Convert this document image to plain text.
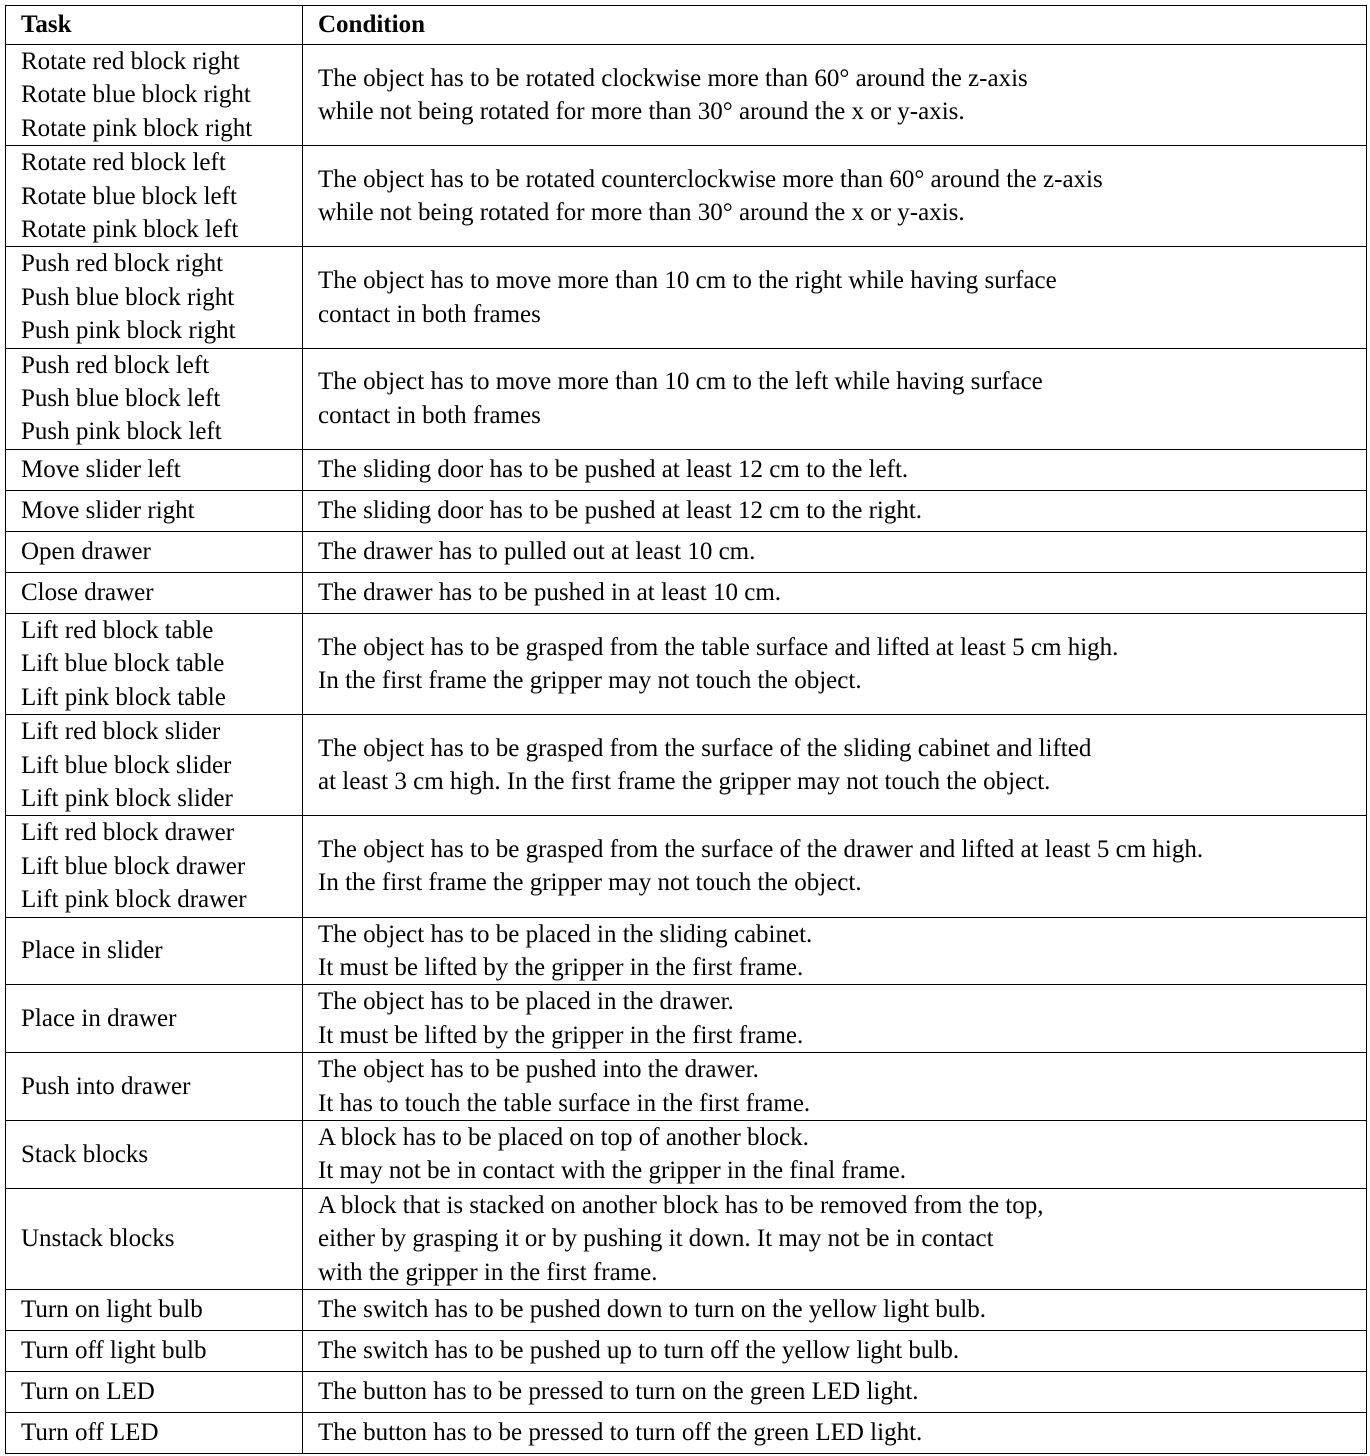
Task	Condition

Rotate red block right
Rotate blue block right
Rotate pink block right	The object has to be rotated clockwise more than 60° around the z-axis
while not being rotated for more than 30° around the x or y-axis.

Rotate red block left
Rotate blue block left
Rotate pink block left	The object has to be rotated counterclockwise more than 60° around the z-axis
while not being rotated for more than 30° around the x or y-axis.

Push red block right
Push blue block right
Push pink block right	The object has to move more than 10 cm to the right while having surface
contact in both frames

Push red block left
Push blue block left
Push pink block left	The object has to move more than 10 cm to the left while having surface
contact in both frames

Move slider left	The sliding door has to be pushed at least 12 cm to the left.

Move slider right	The sliding door has to be pushed at least 12 cm to the right.

Open drawer	The drawer has to pulled out at least 10 cm.

Close drawer	The drawer has to be pushed in at least 10 cm.

Lift red block table
Lift blue block table
Lift pink block table	The object has to be grasped from the table surface and lifted at least 5 cm high.
In the first frame the gripper may not touch the object.

Lift red block slider
Lift blue block slider
Lift pink block slider	The object has to be grasped from the surface of the sliding cabinet and lifted
at least 3 cm high. In the first frame the gripper may not touch the object.

Lift red block drawer
Lift blue block drawer
Lift pink block drawer	The object has to be grasped from the surface of the drawer and lifted at least 5 cm high.
In the first frame the gripper may not touch the object.

Place in slider	The object has to be placed in the sliding cabinet.
It must be lifted by the gripper in the first frame.

Place in drawer	The object has to be placed in the drawer.
It must be lifted by the gripper in the first frame.

Push into drawer	The object has to be pushed into the drawer.
It has to touch the table surface in the first frame.

Stack blocks	A block has to be placed on top of another block.
It may not be in contact with the gripper in the final frame.

Unstack blocks	A block that is stacked on another block has to be removed from the top,
either by grasping it or by pushing it down. It may not be in contact
with the gripper in the first frame.

Turn on light bulb	The switch has to be pushed down to turn on the yellow light bulb.

Turn off light bulb	The switch has to be pushed up to turn off the yellow light bulb.

Turn on LED	The button has to be pressed to turn on the green LED light.

Turn off LED	The button has to be pressed to turn off the green LED light.
